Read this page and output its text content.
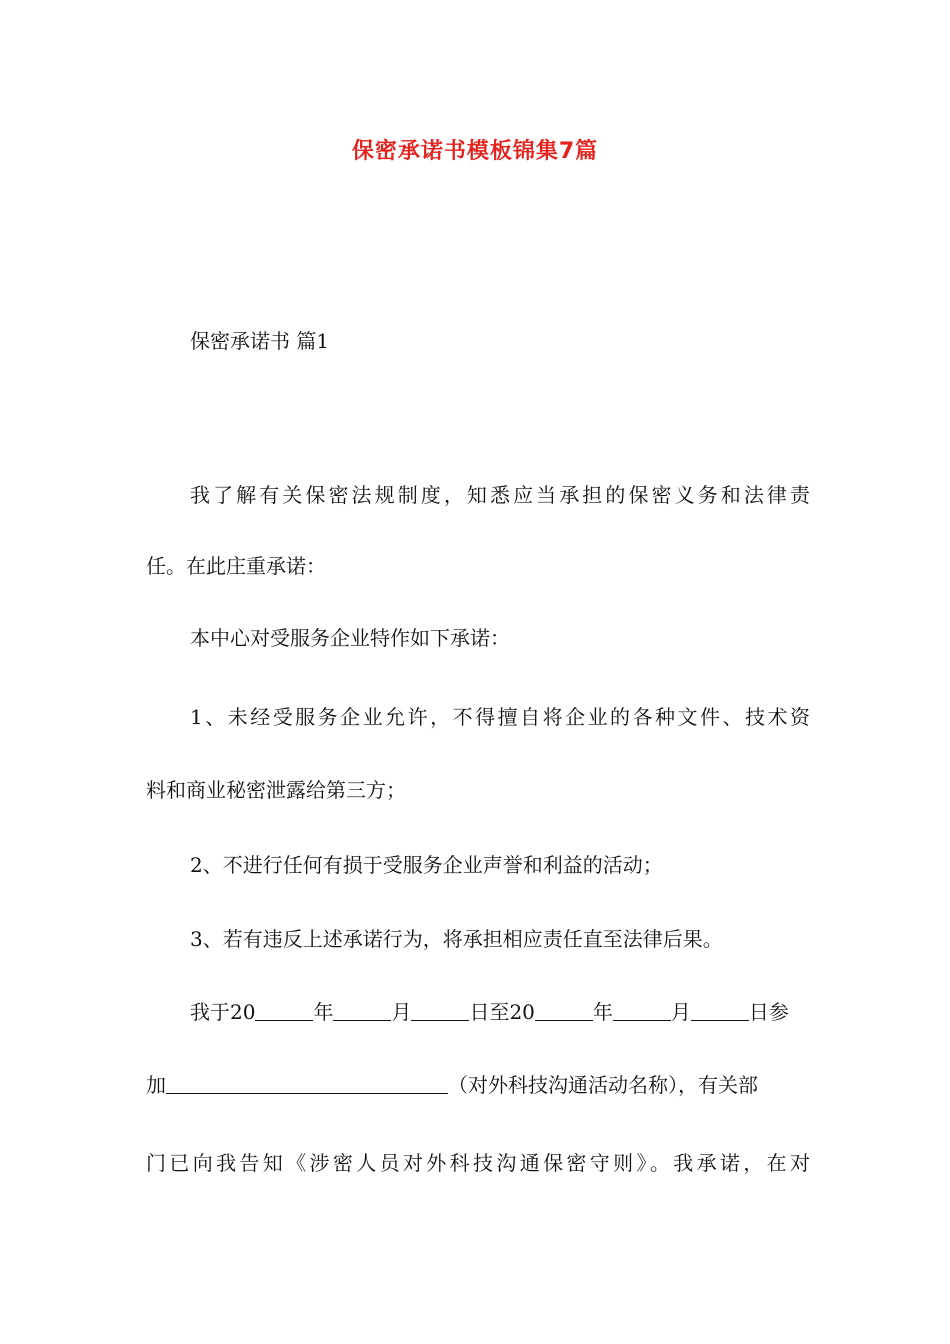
保密承诺书模板锦集7篇
保密承诺书 篇1
我了解有关保密法规制度，知悉应当承担的保密义务和法律责
任。在此庄重承诺：
本中心对受服务企业特作如下承诺：
1、未经受服务企业允许，不得擅自将企业的各种文件、技术资
料和商业秘密泄露给第三方；
2、不进行任何有损于受服务企业声誉和利益的活动；
3、若有违反上述承诺行为，将承担相应责任直至法律后果。
我于20	年	月	日至20	年	月	日参
加	（对外科技沟通活动名称），有关部
门已向我告知《涉密人员对外科技沟通保密守则》。我承诺，在对
